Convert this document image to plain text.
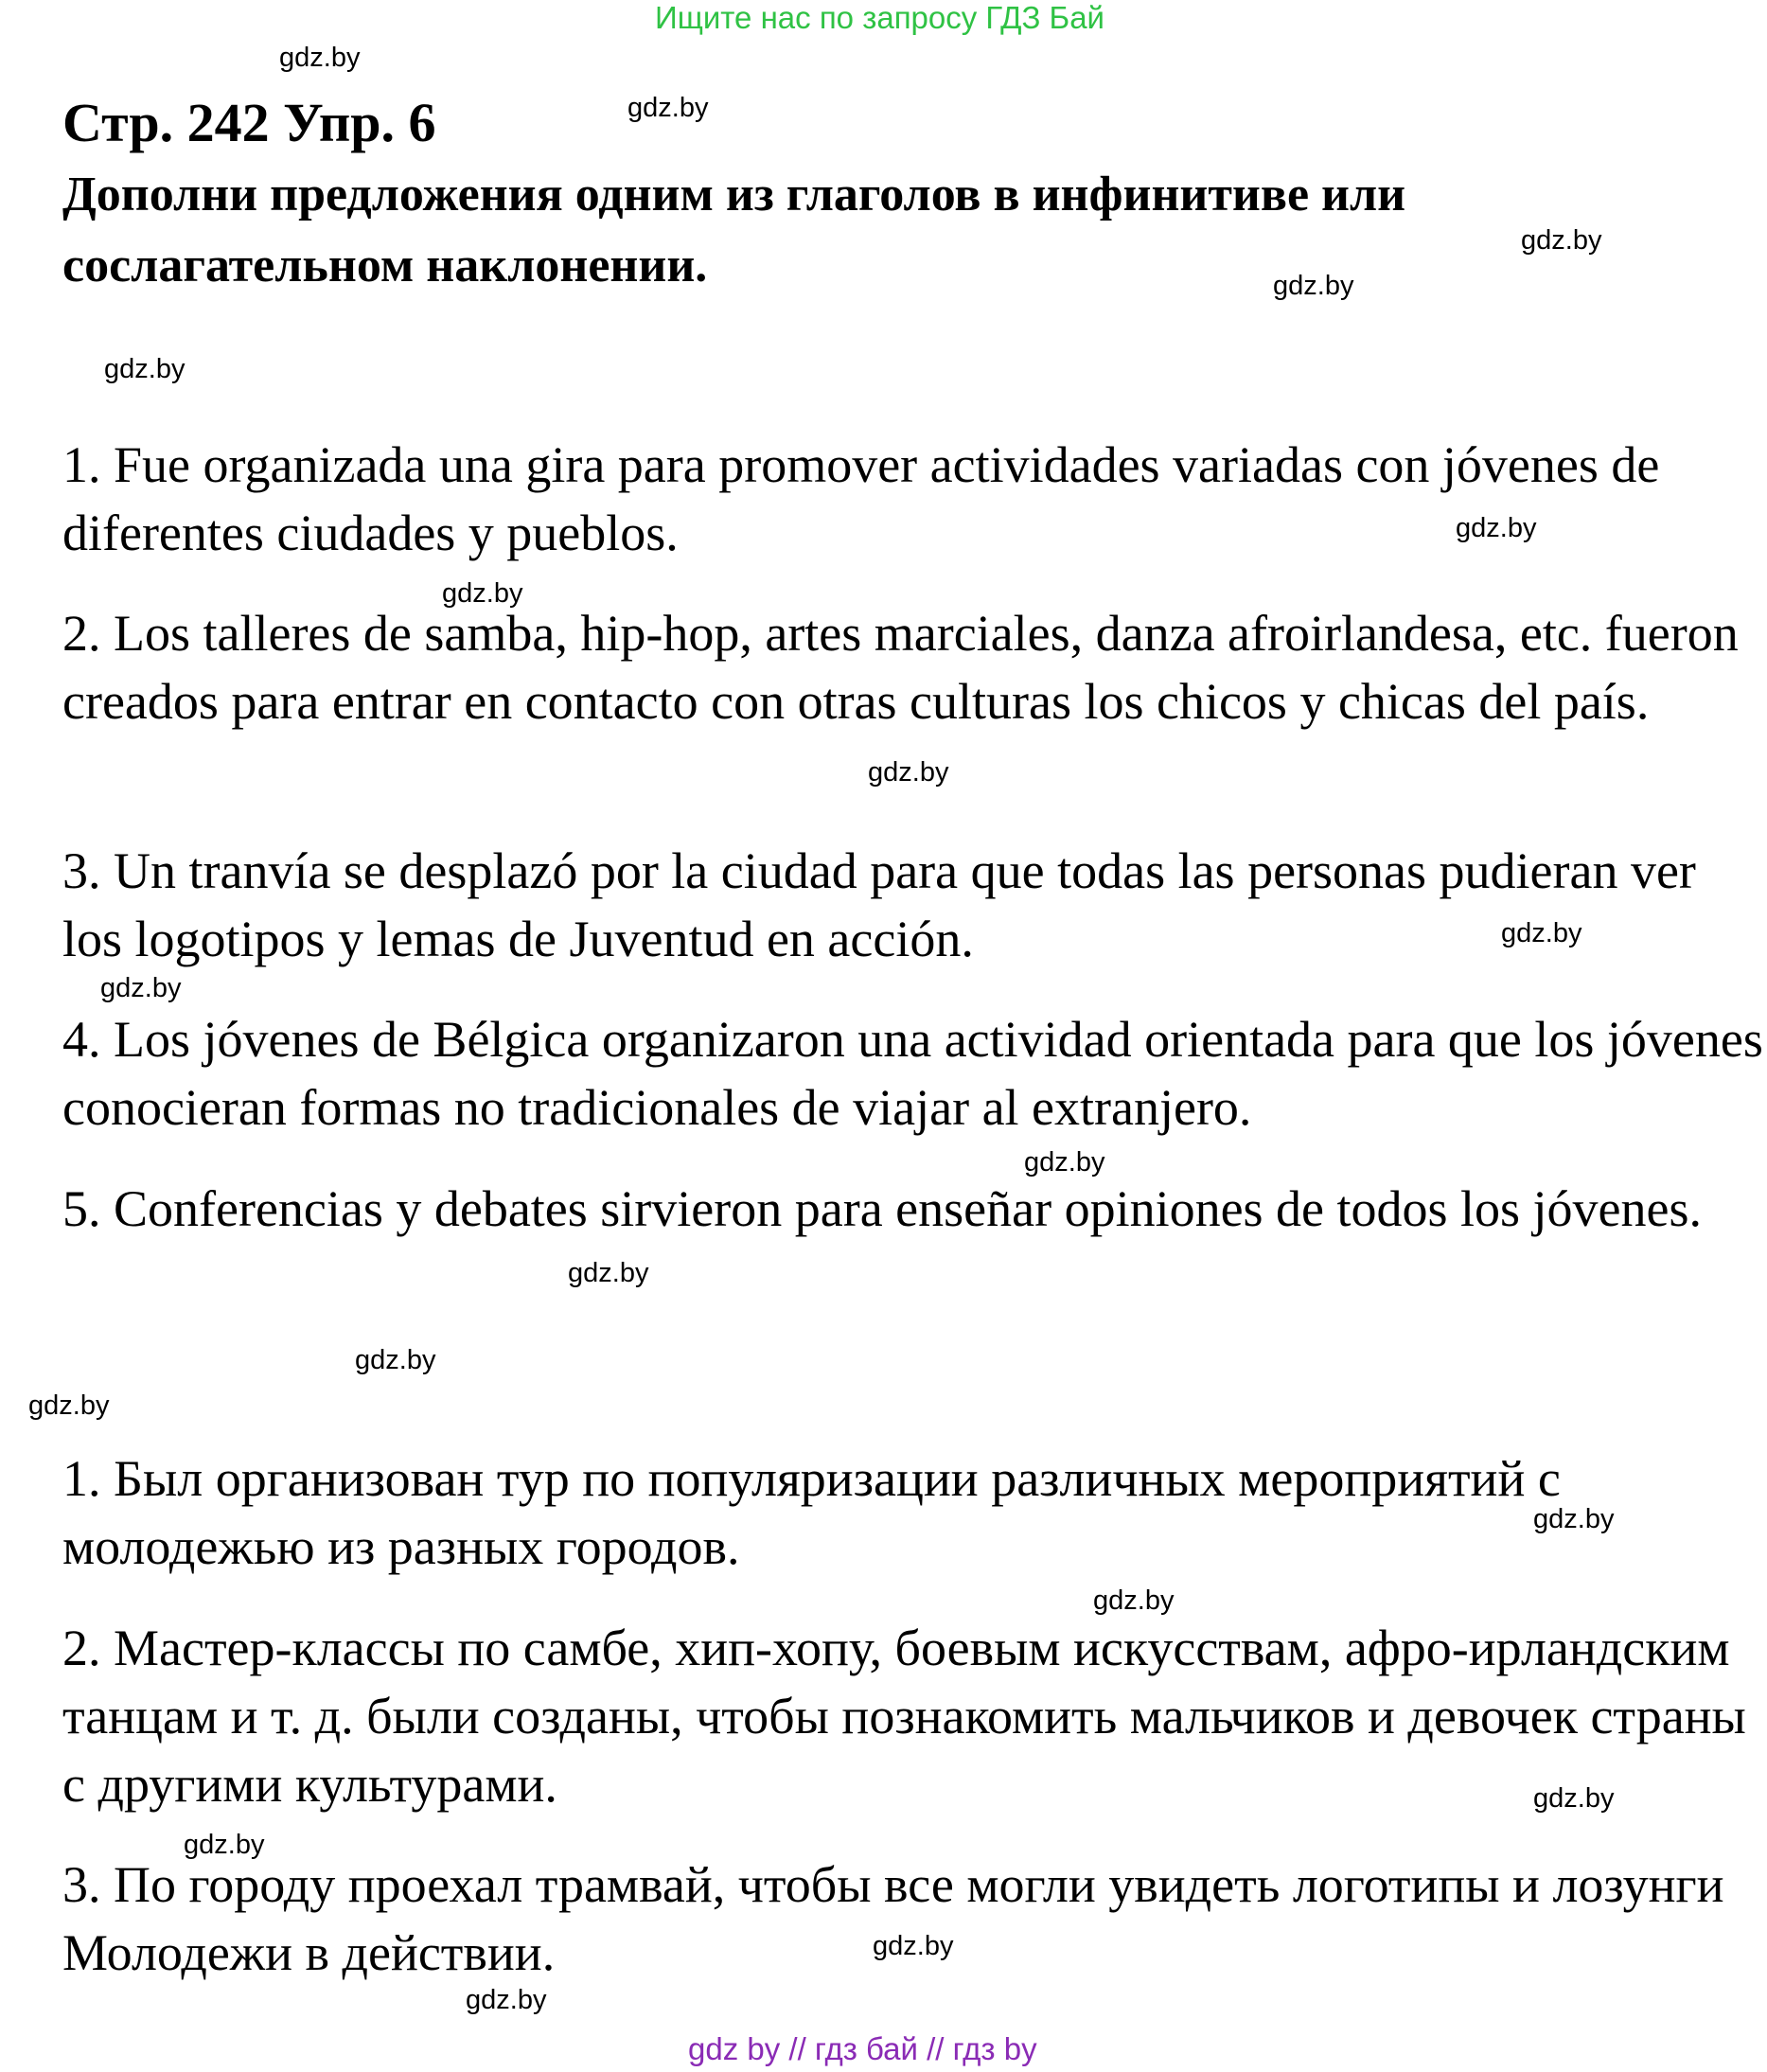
Ищите нас по запросу ГДЗ Бай
Стр. 242 Упр. 6
Дополни предложения одним из глаголов в инфинитиве или сослагательном наклонении.
1. Fue organizada una gira para promover actividades variadas con jóvenes de diferentes ciudades y pueblos.
2. Los talleres de samba, hip-hop, artes marciales, danza afroirlandesa, etc. fueron creados para entrar en contacto con otras culturas los chicos y chicas del país.
3. Un tranvía se desplazó por la ciudad para que todas las personas pudieran ver los logotipos y lemas de Juventud en acción.
4. Los jóvenes de Bélgica organizaron una actividad orientada para que los jóvenes conocieran formas no tradicionales de viajar al extranjero.
5. Conferencias y debates sirvieron para enseñar opiniones de todos los jóvenes.
1. Был организован тур по популяризации различных мероприятий с молодежью из разных городов.
2. Мастер-классы по самбе, хип-хопу, боевым искусствам, афро-ирландским танцам и т. д. были созданы, чтобы познакомить мальчиков и девочек страны с другими культурами.
3. По городу проехал трамвай, чтобы все могли увидеть логотипы и лозунги Молодежи в действии.
gdz.by
gdz.by
gdz.by
gdz.by
gdz.by
gdz.by
gdz.by
gdz.by
gdz.by
gdz.by
gdz.by
gdz.by
gdz.by
gdz.by
gdz.by
gdz.by
gdz.by
gdz.by
gdz.by
gdz.by
gdz by // гдз бай // гдз by
